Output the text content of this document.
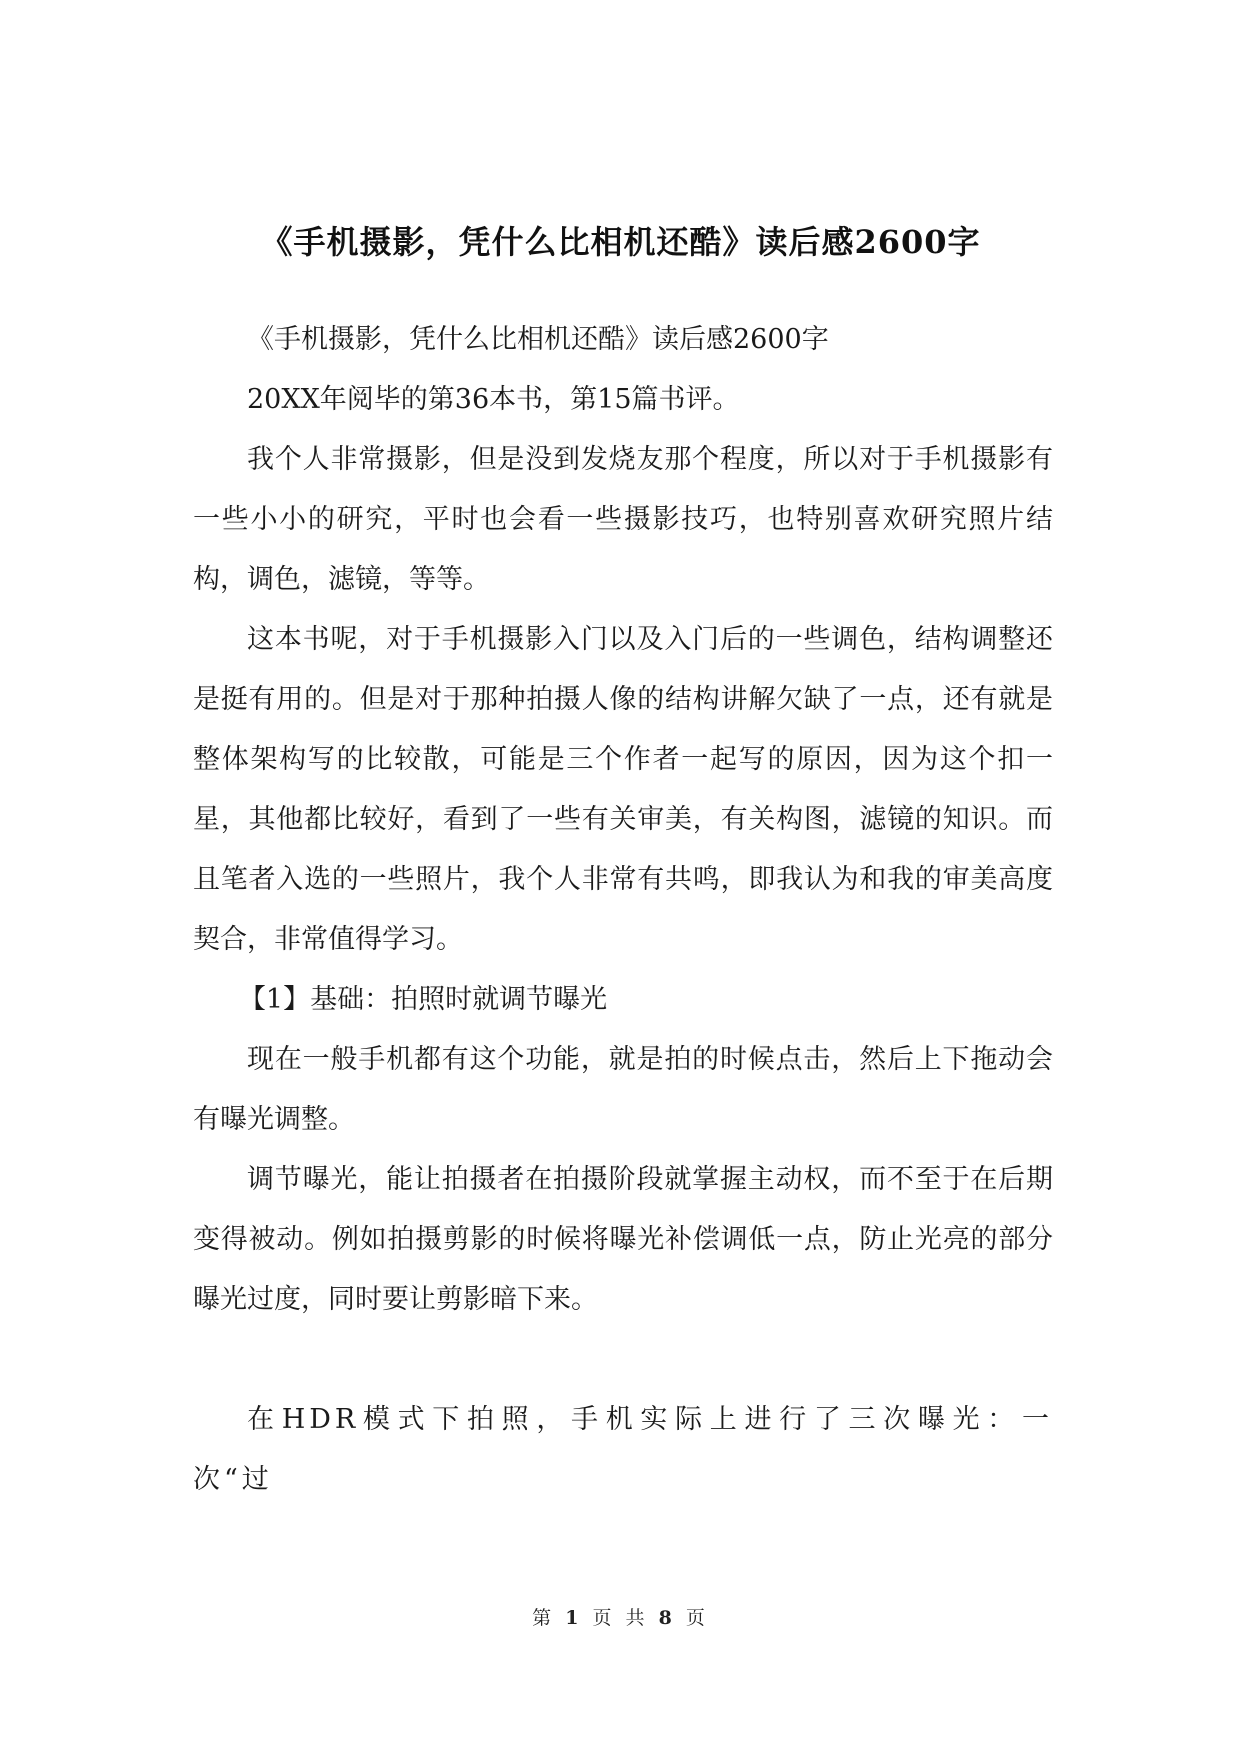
《手机摄影，凭什么比相机还酷》读后感2600字

《手机摄影，凭什么比相机还酷》读后感2600字

20XX年阅毕的第36本书，第15篇书评。

我个人非常摄影，但是没到发烧友那个程度，所以对于手机摄影有一些小小的研究，平时也会看一些摄影技巧，也特别喜欢研究照片结构，调色，滤镜，等等。

这本书呢，对于手机摄影入门以及入门后的一些调色，结构调整还是挺有用的。但是对于那种拍摄人像的结构讲解欠缺了一点，还有就是整体架构写的比较散，可能是三个作者一起写的原因，因为这个扣一星，其他都比较好，看到了一些有关审美，有关构图，滤镜的知识。而且笔者入选的一些照片，我个人非常有共鸣，即我认为和我的审美高度契合，非常值得学习。

【1】基础：拍照时就调节曝光

现在一般手机都有这个功能，就是拍的时候点击，然后上下拖动会有曝光调整。

调节曝光，能让拍摄者在拍摄阶段就掌握主动权，而不至于在后期变得被动。例如拍摄剪影的时候将曝光补偿调低一点，防止光亮的部分曝光过度，同时要让剪影暗下来。

在HDR模式下拍照，手机实际上进行了三次曝光：一次“过

第 1 页 共 8 页
